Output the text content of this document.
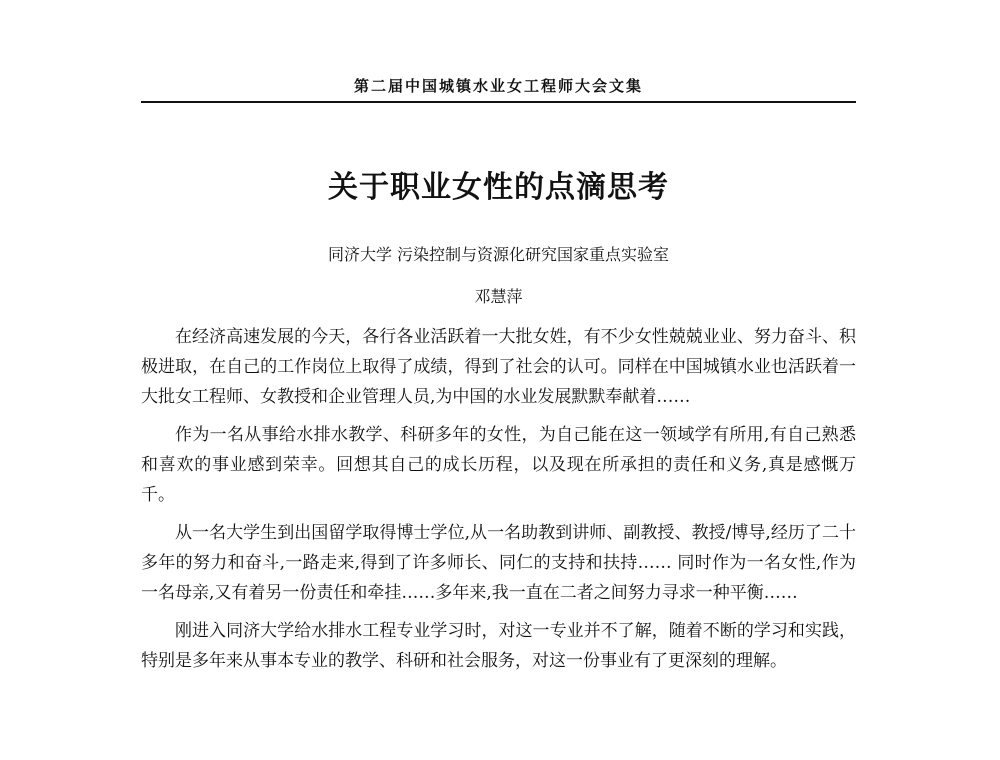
第二届中国城镇水业女工程师大会文集
关于职业女性的点滴思考
同济大学 污染控制与资源化研究国家重点实验室
邓慧萍

在经济高速发展的今天，各行各业活跃着一大批女姓，有不少女性兢兢业业、努力奋斗、积极进取，在自己的工作岗位上取得了成绩，得到了社会的认可。同样在中国城镇水业也活跃着一大批女工程师、女教授和企业管理人员,为中国的水业发展默默奉献着……

作为一名从事给水排水教学、科研多年的女性，为自己能在这一领域学有所用,有自己熟悉和喜欢的事业感到荣幸。回想其自己的成长历程，以及现在所承担的责任和义务,真是感慨万千。

从一名大学生到出国留学取得博士学位,从一名助教到讲师、副教授、教授/博导,经历了二十多年的努力和奋斗,一路走来,得到了许多师长、同仁的支持和扶持…… 同时作为一名女性,作为一名母亲,又有着另一份责任和牵挂……多年来,我一直在二者之间努力寻求一种平衡……

刚进入同济大学给水排水工程专业学习时，对这一专业并不了解，随着不断的学习和实践，特别是多年来从事本专业的教学、科研和社会服务，对这一份事业有了更深刻的理解。
